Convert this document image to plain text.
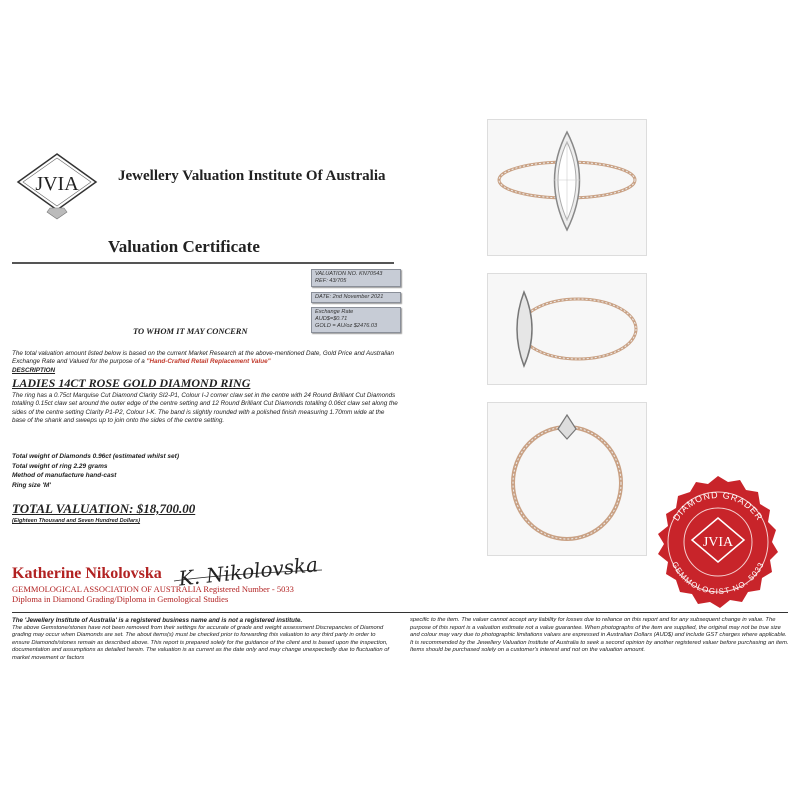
JVIA	Jewellery Valuation Institute Of Australia
Valuation Certificate
VALUATION NO. KN70543
REF: 43/705
DATE: 2nd November 2021
Exchange Rate
AUD$=$0.71
GOLD = AU/oz $2476.03
TO WHOM IT MAY CONCERN
The total valuation amount listed below is based on the current Market Research at the above-mentioned Date, Gold Price and Australian Exchange Rate and Valued for the purpose of a "Hand-Crafted Retail Replacement Value"
DESCRIPTION
LADIES 14CT ROSE GOLD DIAMOND RING
The ring has a 0.75ct Marquise Cut Diamond Clarity SI2-P1, Colour I-J corner claw set in the centre with 24 Round Brilliant Cut Diamonds totalling 0.15ct claw set around the outer edge of the centre setting and 12 Round Brilliant Cut Diamonds totalling 0.06ct claw set along the sides of the centre setting Clarity P1-P2, Colour I-K. The band is slightly rounded with a polished finish measuring 1.70mm wide at the base of the shank and sweeps up to join onto the sides of the centre setting.
Total weight of Diamonds 0.96ct (estimated whilst set)
Total weight of ring 2.29 grams
Method of manufacture hand-cast
Ring size 'M'
TOTAL VALUATION: $18,700.00
(Eighteen Thousand and Seven Hundred Dollars)
Katherine Nikolovska K. Nikolovska
GEMMOLOGICAL ASSOCIATION OF AUSTRALIA Registered Number - 5033
Diploma in Diamond Grading/Diploma in Gemological Studies
The 'Jewellery Institute of Australia' is a registered business name and is not a registered institute.
The above Gemstone/stones have not been removed from their settings for accurate of grade and weight assessment Discrepancies of Diamond grading may occur when Diamonds are set. The about items(s) must be checked prior to forwarding this valuation to any third party in order to ensure Diamonds/stones remain as described above. This report is prepared solely for the guidance of the client and is based upon the inspection, documentation and assumptions as detailed herein. The valuation is as current as the date only and may change unexpectedly due to fluctuation of market movement or factors
specific to the item. The valuer cannot accept any liability for losses due to reliance on this report and for any subsequent change in value. The purpose of this report is a valuation estimate not a value guarantee. When photographs of the item are supplied, the original may not be true size and colour may vary due to photographic limitations values are expressed in Australian Dollars (AUD$) and include GST charges where applicable. It is recommended by the Jewellery Valuation Institute of Australia to seek a second opinion by another registered valuer before purchasing an item. Items should be purchased solely on a customer's interest and not on the valuation amount.
DIAMOND GRADER
GEMMOLOGIST NO. 5033
JVIA
